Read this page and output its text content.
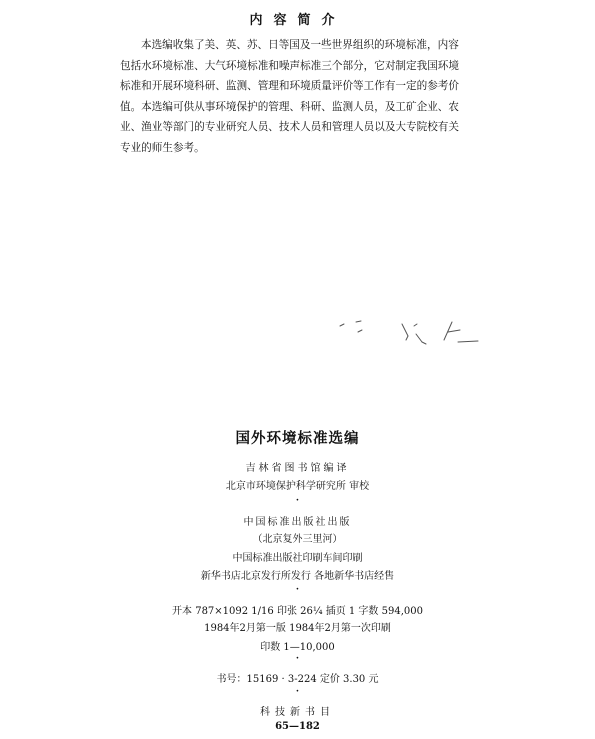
内容简介
本选编收集了美、英、苏、日等国及一些世界组织的环境标准，内容
包括水环境标准、大气环境标准和噪声标准三个部分，它对制定我国环境
标准和开展环境科研、监测、管理和环境质量评价等工作有一定的参考价
值。本选编可供从事环境保护的管理、科研、监测人员，及工矿企业、农
业、渔业等部门的专业研究人员、技术人员和管理人员以及大专院校有关
专业的师生参考。
国外环境标准选编
吉林省图书馆编译
北京市环境保护科学研究所 审校
·
中国标准出版社出版
（北京复外三里河）
中国标准出版社印刷车间印刷
新华书店北京发行所发行 各地新华书店经售
·
开本 787×1092 1/16 印张 26¼ 插页 1 字数 594,000
1984年2月第一版 1984年2月第一次印刷
印数 1—10,000
·
书号：15169 · 3-224 定价 3.30 元
·
科技新书目
65—182
